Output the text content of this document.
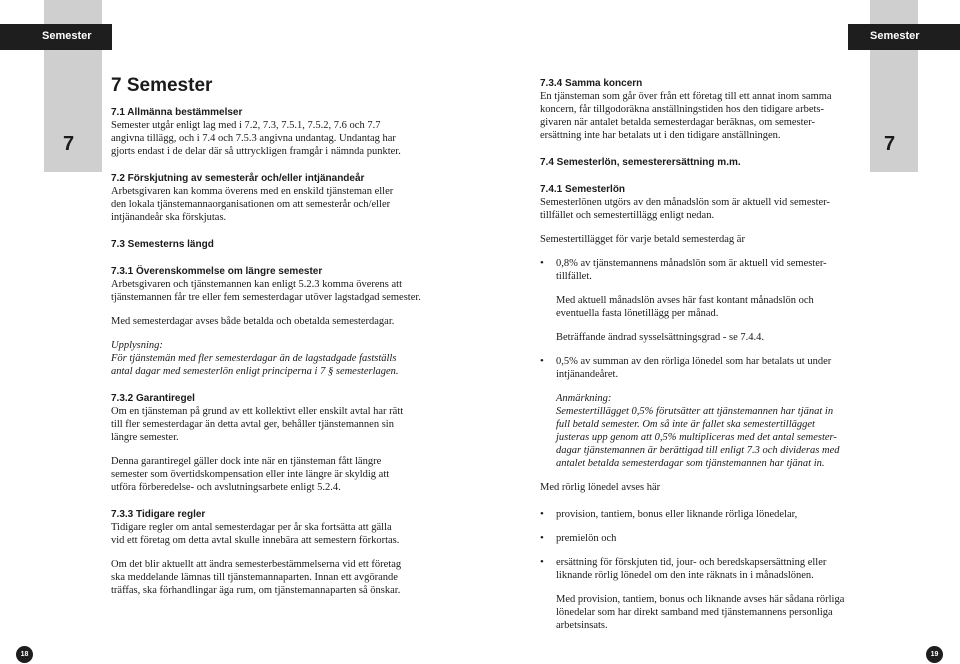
Semester	Semester
7	7
7 Semester
7.1 Allmänna bestämmelser
Semester utgår enligt lag med i 7.2, 7.3, 7.5.1, 7.5.2, 7.6 och 7.7
angivna tillägg, och i 7.4 och 7.5.3 angivna undantag. Undantag har
gjorts endast i de delar där så uttryckligen framgår i nämnda punkter.
7.2 Förskjutning av semesterår och/eller intjänandeår
Arbetsgivaren kan komma överens med en enskild tjänsteman eller
den lokala tjänstemannaorganisationen om att semesterår och/eller
intjänandeår ska förskjutas.
7.3 Semesterns längd
7.3.1 Överenskommelse om längre semester
Arbetsgivaren och tjänstemannen kan enligt 5.2.3 komma överens att
tjänstemannen får tre eller fem semesterdagar utöver lagstadgad semester.
Med semesterdagar avses både betalda och obetalda semesterdagar.
Upplysning:
För tjänstemän med fler semesterdagar än de lagstadgade fastställs
antal dagar med semesterlön enligt principerna i 7 § semesterlagen.
7.3.2 Garantiregel
Om en tjänsteman på grund av ett kollektivt eller enskilt avtal har rätt
till fler semesterdagar än detta avtal ger, behåller tjänstemannen sin
längre semester.
Denna garantiregel gäller dock inte när en tjänsteman fått längre
semester som övertidskompensation eller inte längre är skyldig att
utföra förberedelse- och avslutningsarbete enligt 5.2.4.
7.3.3 Tidigare regler
Tidigare regler om antal semesterdagar per år ska fortsätta att gälla
vid ett företag om detta avtal skulle innebära att semestern förkortas.
Om det blir aktuellt att ändra semesterbestämmelserna vid ett företag
ska meddelande lämnas till tjänstemannaparten. Innan ett avgörande
träffas, ska förhandlingar äga rum, om tjänstemannaparten så önskar.
7.3.4 Samma koncern
En tjänsteman som går över från ett företag till ett annat inom samma
koncern, får tillgodoräkna anställningstiden hos den tidigare arbets-
givaren när antalet betalda semesterdagar beräknas, om semester-
ersättning inte har betalats ut i den tidigare anställningen.
7.4 Semesterlön, semesterersättning m.m.
7.4.1 Semesterlön
Semesterlönen utgörs av den månadslön som är aktuell vid semester-
tillfället och semestertillägg enligt nedan.
Semestertillägget för varje betald semesterdag är
• 0,8% av tjänstemannens månadslön som är aktuell vid semester-
tillfället.
Med aktuell månadslön avses här fast kontant månadslön och
eventuella fasta lönetillägg per månad.
Beträffande ändrad sysselsättningsgrad - se 7.4.4.
• 0,5% av summan av den rörliga lönedel som har betalats ut under
intjänandeåret.
Anmärkning:
Semestertillägget 0,5% förutsätter att tjänstemannen har tjänat in
full betald semester. Om så inte är fallet ska semestertillägget
justeras upp genom att 0,5% multipliceras med det antal semester-
dagar tjänstemannen är berättigad till enligt 7.3 och divideras med
antalet betalda semesterdagar som tjänstemannen har tjänat in.
Med rörlig lönedel avses här
• provision, tantiem, bonus eller liknande rörliga lönedelar,
• premielön och
• ersättning för förskjuten tid, jour- och beredskapsersättning eller
liknande rörlig lönedel om den inte räknats in i månadslönen.
Med provision, tantiem, bonus och liknande avses här sådana rörliga
lönedelar som har direkt samband med tjänstemannens personliga
arbetsinsats.
18	19
